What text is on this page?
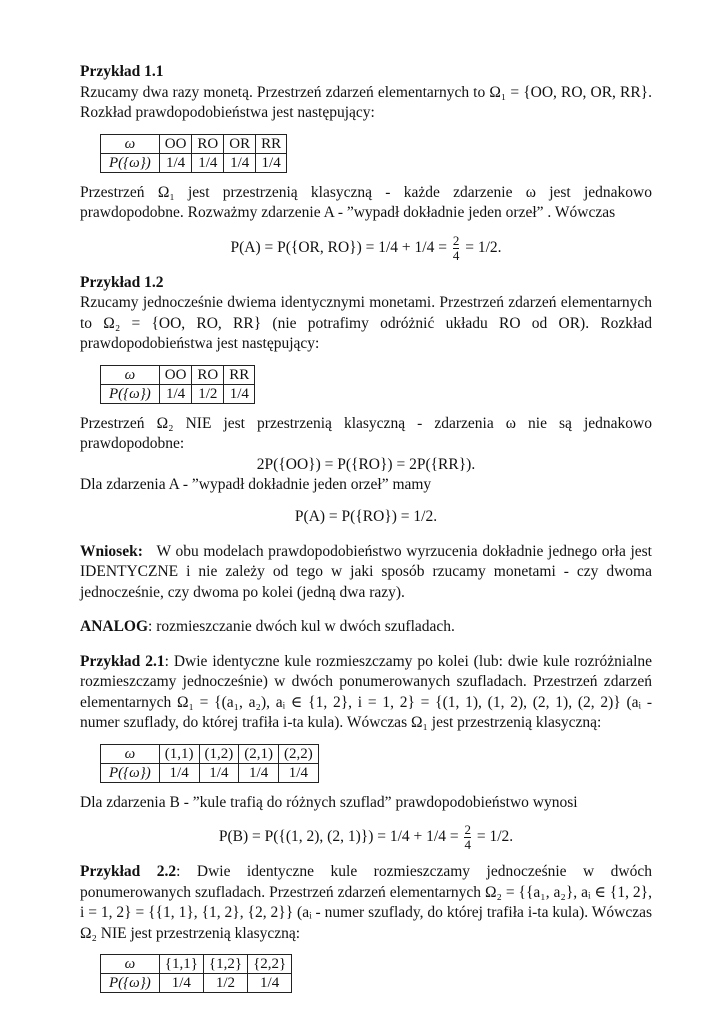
Przykład 1.1

Rzucamy dwa razy monetą. Przestrzeń zdarzeń elementarnych to Ω₁ = {OO, RO, OR, RR}. Rozkład prawdopodobieństwa jest następujący:

ω	OO	RO	OR	RR
P({ω})	1/4	1/4	1/4	1/4

Przestrzeń Ω₁ jest przestrzenią klasyczną - każde zdarzenie ω jest jednakowo prawdopodobne. Rozważmy zdarzenie A - ”wypadł dokładnie jeden orzeł” . Wówczas

P(A) = P({OR, $RO\}) = 1/4 + 1/4 = \frac{2}{4} = 1/2$.

Przykład 1.2

Rzucamy jednocześnie dwiema identycznymi monetami. Przestrzeń zdarzeń elementarnych to Ω₂ = {OO, RO, RR} (nie potrafimy odróżnić układu RO od OR). Rozkład prawdopodobieństwa jest następujący:

ω	OO	RO	RR
P({ω})	1/4	1/2	1/4

Przestrzeń Ω₂ NIE jest przestrzenią klasyczną - zdarzenia ω nie są jednakowo prawdopodobne:

2P({OO}) = P({RO}) = 2P({RR}).

Dla zdarzenia A - ”wypadł dokładnie jeden orzeł” mamy

P(A) = P({RO}) = 1/2.

Wniosek: W obu modelach prawdopodobieństwo wyrzucenia dokładnie jednego orła jest IDENTYCZNE i nie zależy od tego w jaki sposób rzucamy monetami - czy dwoma jednocześnie, czy dwoma po kolei (jedną dwa razy).

ANALOG: rozmieszczanie dwóch kul w dwóch szufladach.

Przykład 2.1: Dwie identyczne kule rozmieszczamy po kolei (lub: dwie kule rozróżnialne rozmieszczamy jednocześnie) w dwóch ponumerowanych szufladach. Przestrzeń zdarzeń elementarnych Ω₁ = {(a₁, a₂), aᵢ ∈ {1, 2}, i = 1, 2} = {(1, 1), (1, 2), (2, 1), (2, 2)} (aᵢ - numer szuflady, do której trafiła i-ta kula). Wówczas Ω₁ jest przestrzenią klasyczną:

ω	(1,1)	(1,2)	(2,1)	(2,2)
P({ω})	1/4	1/4	1/4	1/4

Dla zdarzenia B - ”kule trafią do różnych szuflad” prawdopodobieństwo wynosi

P(B) = P({(1, 2), (2, $1)\}) = 1/4 + 1/4 = \frac{2}{4} = 1/2$.

Przykład 2.2: Dwie identyczne kule rozmieszczamy jednocześnie w dwóch ponumerowanych szufladach. Przestrzeń zdarzeń elementarnych Ω₂ = {{a₁, a₂}, aᵢ ∈ {1, 2}, i = 1, 2} = {{1, 1}, {1, 2}, {2, 2}} (aᵢ - numer szuflady, do której trafiła i-ta kula). Wówczas Ω₂ NIE jest przestrzenią klasyczną:

ω	{1,1}	{1,2}	{2,2}
P({ω})	1/4	1/2	1/4
